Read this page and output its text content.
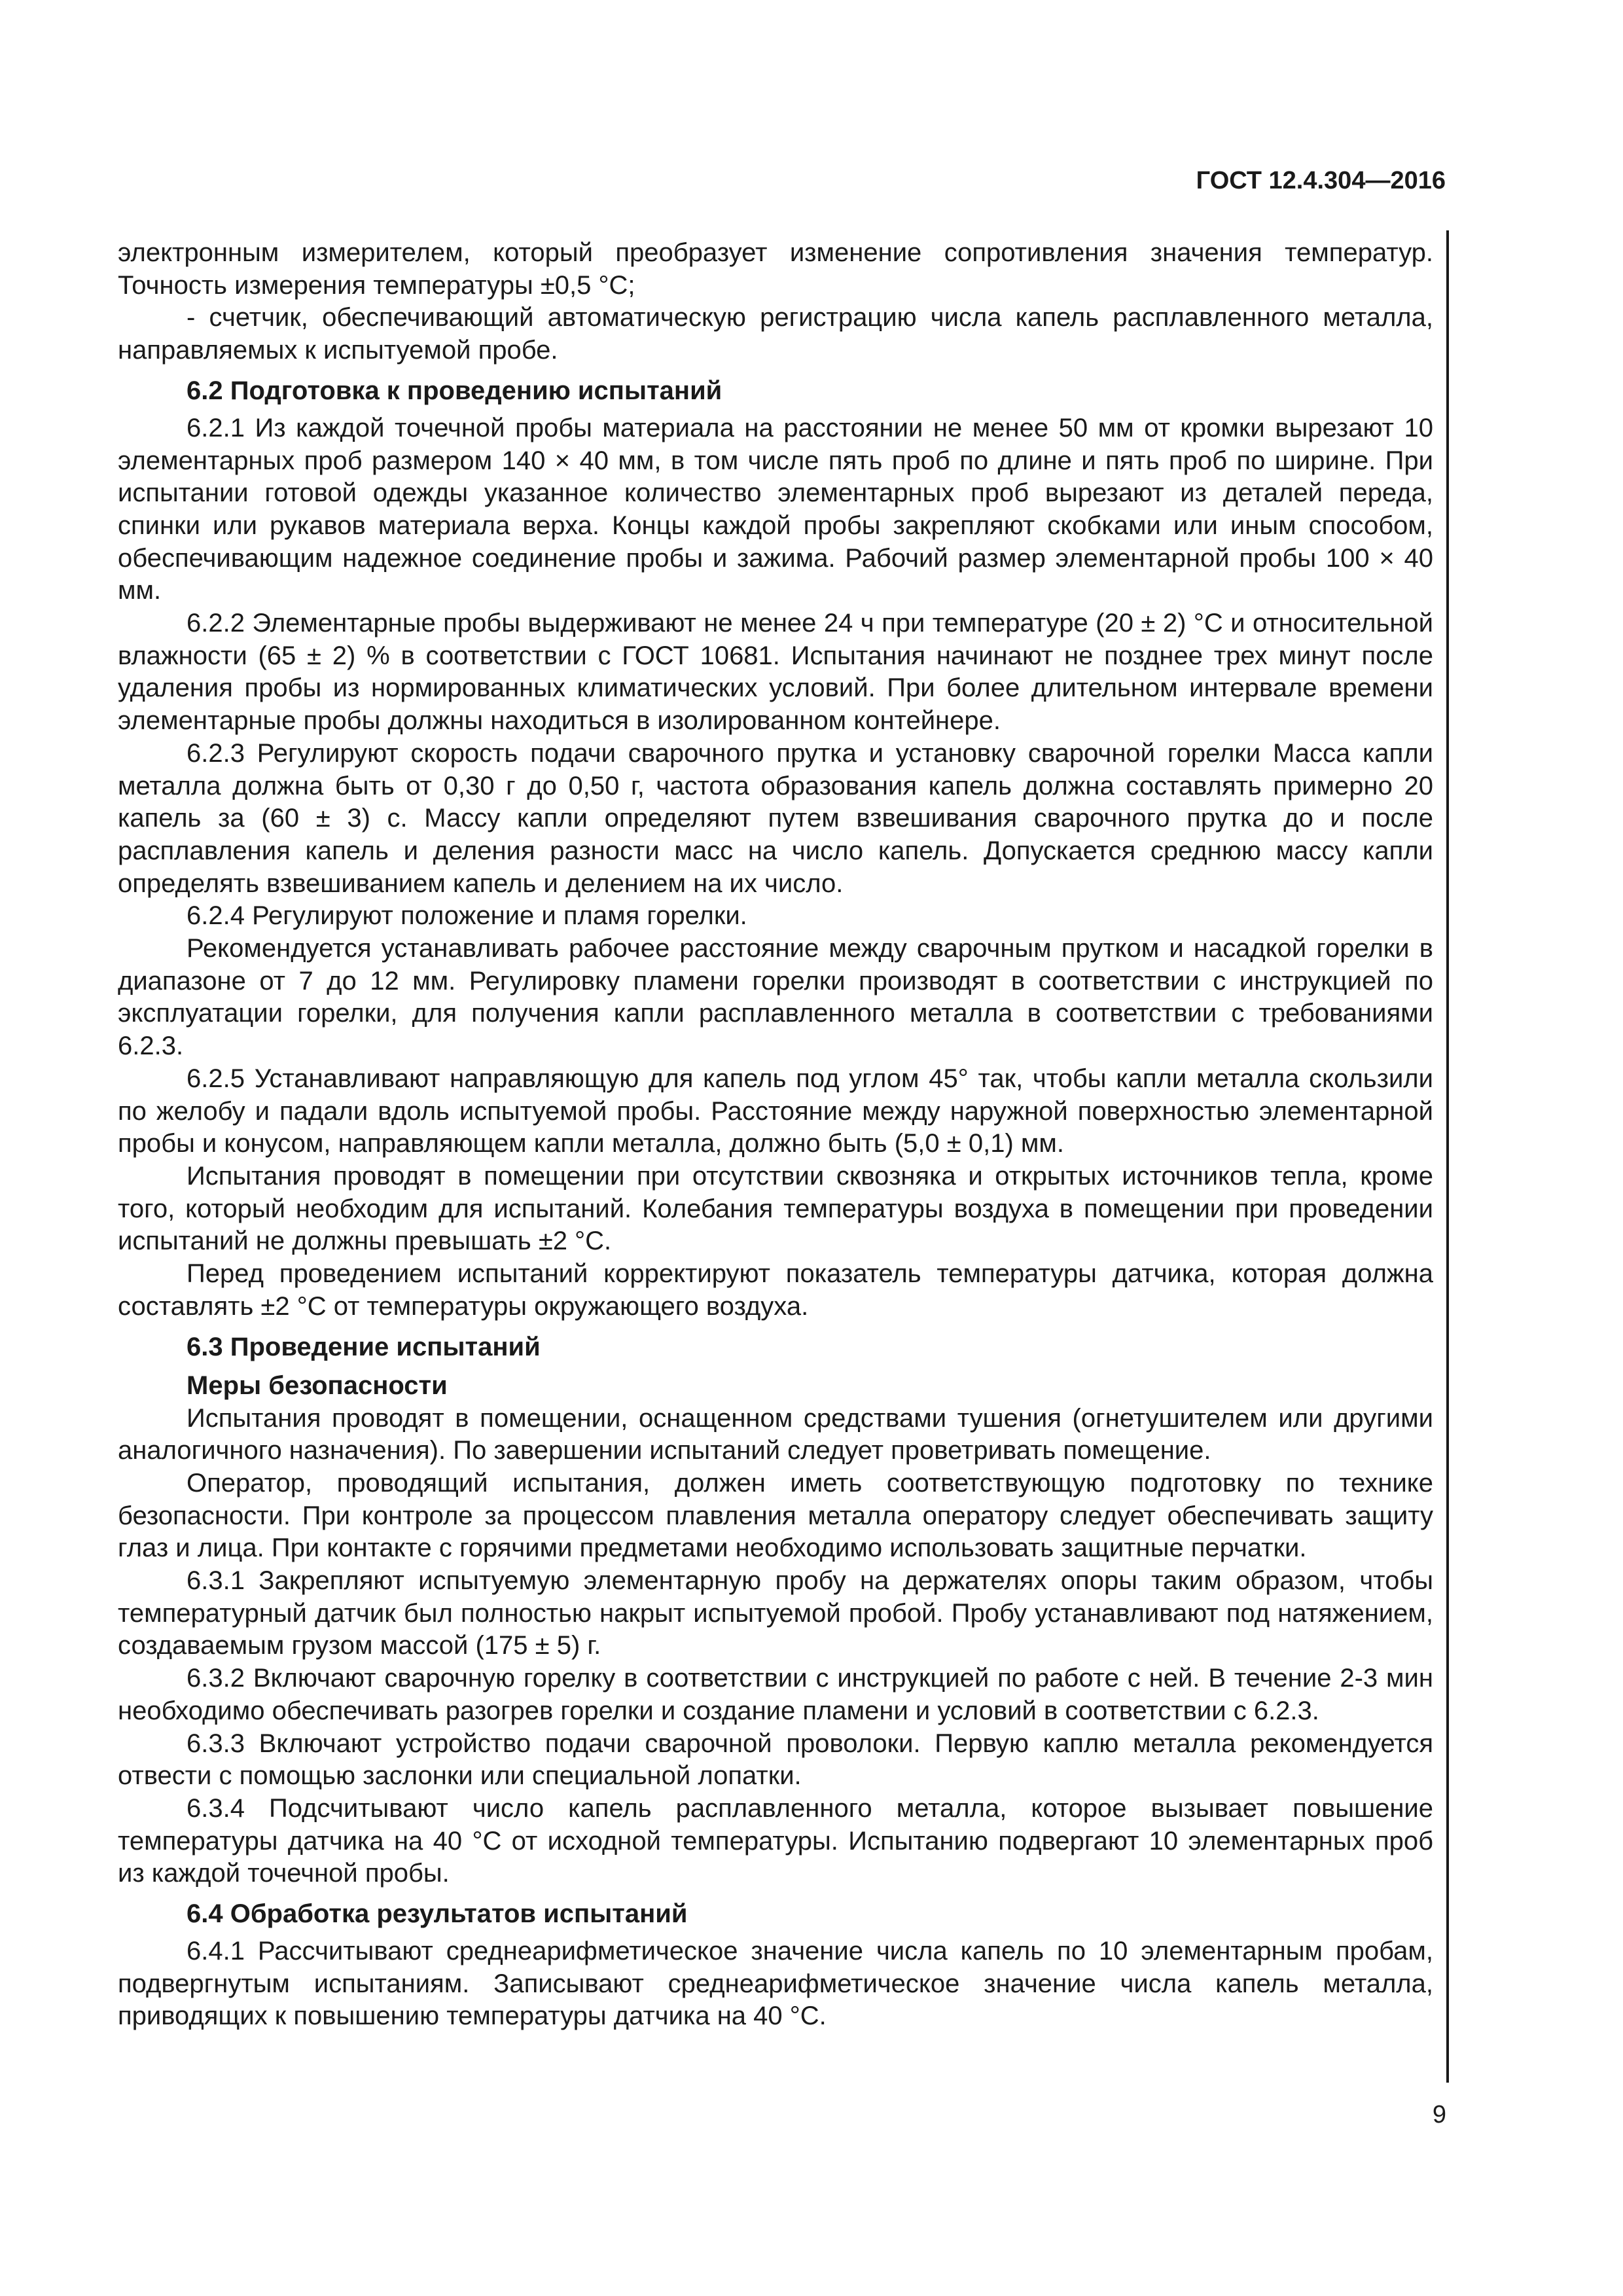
ГОСТ 12.4.304—2016

электронным измерителем, который преобразует изменение сопротивления значения температур. Точность измерения температуры ±0,5 °С;

- счетчик, обеспечивающий автоматическую регистрацию числа капель расплавленного металла, направляемых к испытуемой пробе.

6.2 Подготовка к проведению испытаний

6.2.1 Из каждой точечной пробы материала на расстоянии не менее 50 мм от кромки вырезают 10 элементарных проб размером 140 × 40 мм, в том числе пять проб по длине и пять проб по ширине. При испытании готовой одежды указанное количество элементарных проб вырезают из деталей переда, спинки или рукавов материала верха. Концы каждой пробы закрепляют скобками или иным способом, обеспечивающим надежное соединение пробы и зажима. Рабочий размер элементарной пробы 100 × 40 мм.

6.2.2 Элементарные пробы выдерживают не менее 24 ч при температуре (20 ± 2) °С и относительной влажности (65 ± 2) % в соответствии с ГОСТ 10681. Испытания начинают не позднее трех минут после удаления пробы из нормированных климатических условий. При более длительном интервале времени элементарные пробы должны находиться в изолированном контейнере.

6.2.3 Регулируют скорость подачи сварочного прутка и установку сварочной горелки Масса капли металла должна быть от 0,30 г до 0,50 г, частота образования капель должна составлять примерно 20 капель за (60 ± 3) с. Массу капли определяют путем взвешивания сварочного прутка до и после расплавления капель и деления разности масс на число капель. Допускается среднюю массу капли определять взвешиванием капель и делением на их число.

6.2.4 Регулируют положение и пламя горелки.

Рекомендуется устанавливать рабочее расстояние между сварочным прутком и насадкой горелки в диапазоне от 7 до 12 мм. Регулировку пламени горелки производят в соответствии с инструкцией по эксплуатации горелки, для получения капли расплавленного металла в соответствии с требованиями 6.2.3.

6.2.5 Устанавливают направляющую для капель под углом 45° так, чтобы капли металла скользили по желобу и падали вдоль испытуемой пробы. Расстояние между наружной поверхностью элементарной пробы и конусом, направляющем капли металла, должно быть (5,0 ± 0,1) мм.

Испытания проводят в помещении при отсутствии сквозняка и открытых источников тепла, кроме того, который необходим для испытаний. Колебания температуры воздуха в помещении при проведении испытаний не должны превышать ±2 °С.

Перед проведением испытаний корректируют показатель температуры датчика, которая должна составлять ±2 °С от температуры окружающего воздуха.

6.3 Проведение испытаний
Меры безопасности

Испытания проводят в помещении, оснащенном средствами тушения (огнетушителем или другими аналогичного назначения). По завершении испытаний следует проветривать помещение.

Оператор, проводящий испытания, должен иметь соответствующую подготовку по технике безопасности. При контроле за процессом плавления металла оператору следует обеспечивать защиту глаз и лица. При контакте с горячими предметами необходимо использовать защитные перчатки.

6.3.1 Закрепляют испытуемую элементарную пробу на держателях опоры таким образом, чтобы температурный датчик был полностью накрыт испытуемой пробой. Пробу устанавливают под натяжением, создаваемым грузом массой (175 ± 5) г.

6.3.2 Включают сварочную горелку в соответствии с инструкцией по работе с ней. В течение 2-3 мин необходимо обеспечивать разогрев горелки и создание пламени и условий в соответствии с 6.2.3.

6.3.3 Включают устройство подачи сварочной проволоки. Первую каплю металла рекомендуется отвести с помощью заслонки или специальной лопатки.

6.3.4 Подсчитывают число капель расплавленного металла, которое вызывает повышение температуры датчика на 40 °С от исходной температуры. Испытанию подвергают 10 элементарных проб из каждой точечной пробы.

6.4 Обработка результатов испытаний

6.4.1 Рассчитывают среднеарифметическое значение числа капель по 10 элементарным пробам, подвергнутым испытаниям. Записывают среднеарифметическое значение числа капель металла, приводящих к повышению температуры датчика на 40 °С.

9
